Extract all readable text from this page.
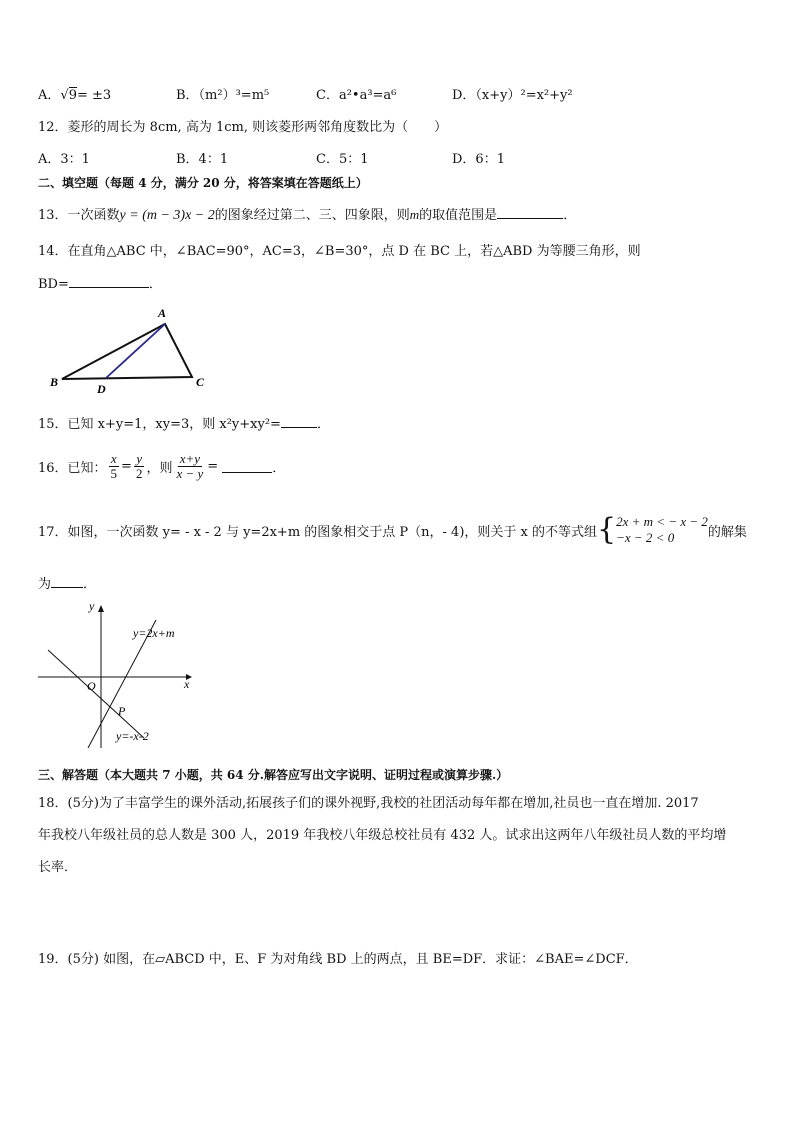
A．√9= ±3	B．（m²）³=m⁵	C．a²•a³=a⁶	D．（x+y）²=x²+y²
12．菱形的周长为 8cm, 高为 1cm, 则该菱形两邻角度数比为（　　）
A．3：1	B．4：1	C．5：1	D．6：1
二、填空题（每题 4 分，满分 20 分，将答案填在答题纸上）
13．一次函数y = (m − 3)x − 2的图象经过第二、三、四象限，则m的取值范围是	．
14．在直角△ABC 中，∠BAC=90°，AC=3，∠B=30°，点 D 在 BC 上，若△ABD 为等腰三角形，则
BD=	．
A
B	C
D
15．已知 x+y=1，xy=3，则 x²y+xy²=	．
16．已知： $\frac{x}{5} = \frac{y}{2}$ ，则 $\frac{x+y}{x - y}$ =	．
17．如图，一次函数 y= - x - 2 与 y=2x+m 的图象相交于点 P（n，- 4)，则关于 x 的不等式组 { 2x + m < − x − 2
−x − 2 < 0	的解集
为 ．
y
x
O
P
y=2x+m
y=-x-2
三、解答题（本大题共 7 小题，共 64 分.解答应写出文字说明、证明过程或演算步骤.）
18．(5分)为了丰富学生的课外活动,拓展孩子们的课外视野,我校的社团活动每年都在增加,社员也一直在增加. 2017
年我校八年级社员的总人数是 300 人，2019 年我校八年级总校社员有 432 人。试求出这两年八年级社员人数的平均增
长率．
19．(5分) 如图，在▱ABCD 中，E、F 为对角线 BD 上的两点，且 BE=DF．求证：∠BAE=∠DCF．
